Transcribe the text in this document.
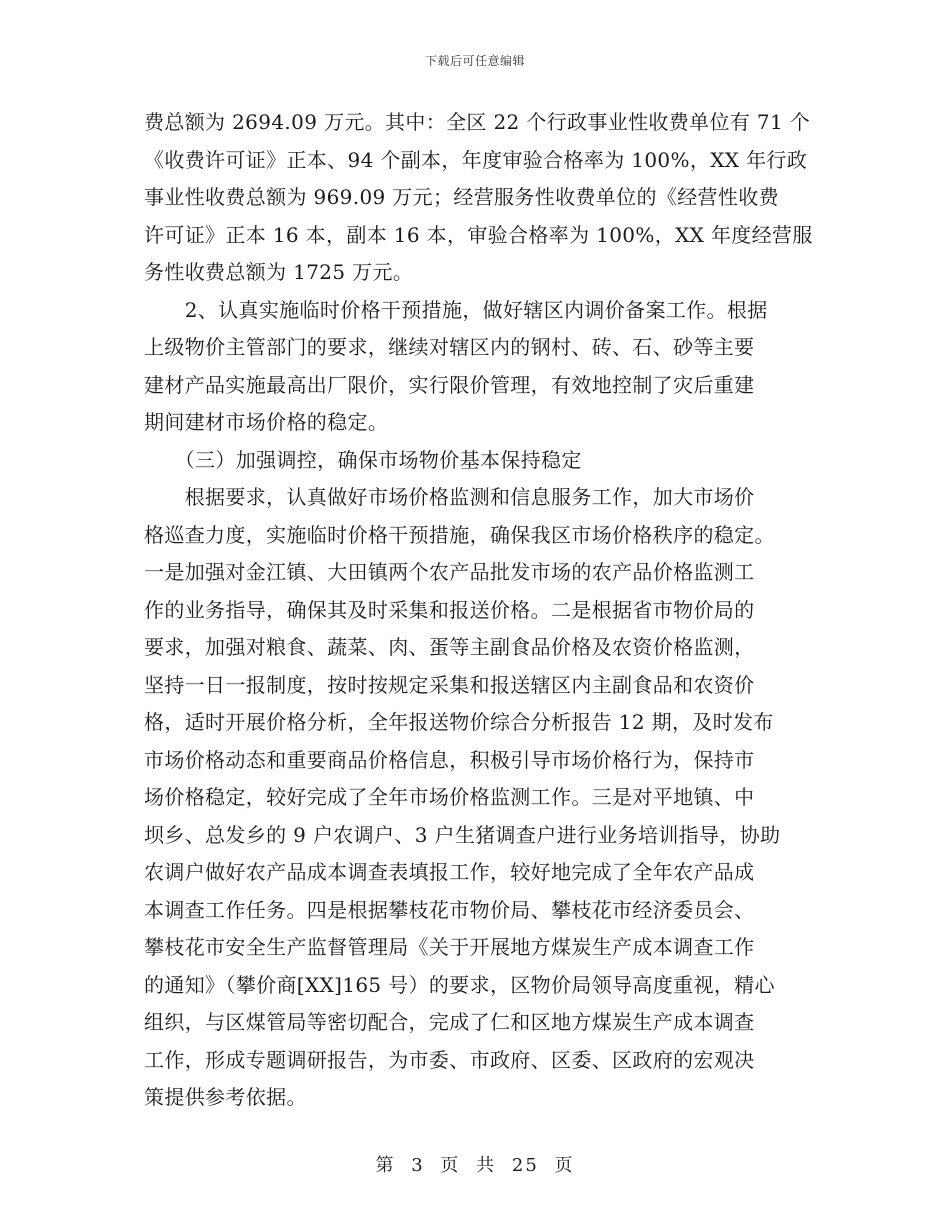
下载后可任意编辑
费总额为 2694.09 万元。其中：全区 22 个行政事业性收费单位有 71 个
《收费许可证》正本、94 个副本，年度审验合格率为 100%，XX 年行政
事业性收费总额为 969.09 万元；经营服务性收费单位的《经营性收费
许可证》正本 16 本，副本 16 本，审验合格率为 100%，XX 年度经营服
务性收费总额为 1725 万元。
　　2、认真实施临时价格干预措施，做好辖区内调价备案工作。根据
上级物价主管部门的要求，继续对辖区内的钢村、砖、石、砂等主要
建材产品实施最高出厂限价，实行限价管理，有效地控制了灾后重建
期间建材市场价格的稳定。
　　（三）加强调控，确保市场物价基本保持稳定
　　根据要求，认真做好市场价格监测和信息服务工作，加大市场价
格巡查力度，实施临时价格干预措施，确保我区市场价格秩序的稳定。
一是加强对金江镇、大田镇两个农产品批发市场的农产品价格监测工
作的业务指导，确保其及时采集和报送价格。二是根据省市物价局的
要求，加强对粮食、蔬菜、肉、蛋等主副食品价格及农资价格监测，
坚持一日一报制度，按时按规定采集和报送辖区内主副食品和农资价
格，适时开展价格分析，全年报送物价综合分析报告 12 期，及时发布
市场价格动态和重要商品价格信息，积极引导市场价格行为，保持市
场价格稳定，较好完成了全年市场价格监测工作。三是对平地镇、中
坝乡、总发乡的 9 户农调户、3 户生猪调查户进行业务培训指导，协助
农调户做好农产品成本调查表填报工作，较好地完成了全年农产品成
本调查工作任务。四是根据攀枝花市物价局、攀枝花市经济委员会、
攀枝花市安全生产监督管理局《关于开展地方煤炭生产成本调查工作
的通知》（攀价商[XX]165 号）的要求，区物价局领导高度重视，精心
组织，与区煤管局等密切配合，完成了仁和区地方煤炭生产成本调查
工作，形成专题调研报告，为市委、市政府、区委、区政府的宏观决
策提供参考依据。
第 3 页 共 25 页
